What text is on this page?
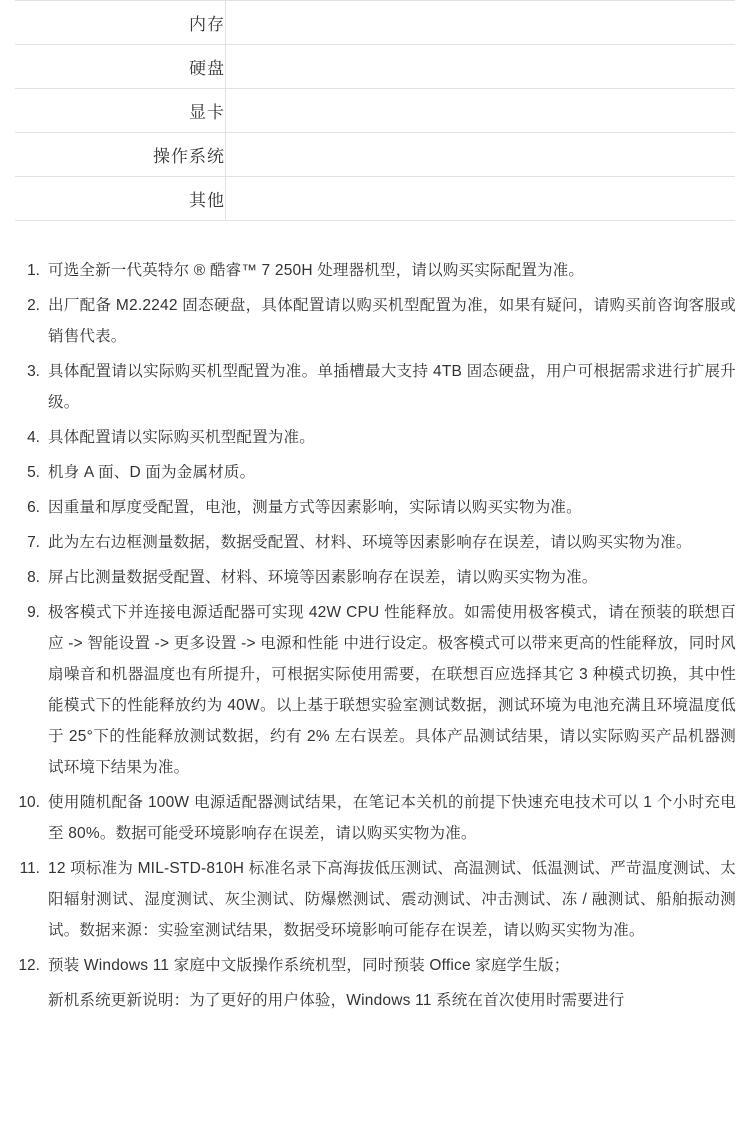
内存		
硬盘		
显卡		
操作系统		
其他		
1. 可选全新一代英特尔 ® 酷睿™ 7 250H 处理器机型，请以购买实际配置为准。
2. 出厂配备 M2.2242 固态硬盘，具体配置请以购买机型配置为准，如果有疑问，请购买前咨询客服或销售代表。
3. 具体配置请以实际购买机型配置为准。单插槽最大支持 4TB 固态硬盘，用户可根据需求进行扩展升级。
4. 具体配置请以实际购买机型配置为准。
5. 机身 A 面、D 面为金属材质。
6. 因重量和厚度受配置，电池，测量方式等因素影响，实际请以购买实物为准。
7. 此为左右边框测量数据，数据受配置、材料、环境等因素影响存在误差，请以购买实物为准。
8. 屏占比测量数据受配置、材料、环境等因素影响存在误差，请以购买实物为准。
9. 极客模式下并连接电源适配器可实现 42W CPU 性能释放。如需使用极客模式，请在预装的联想百应 -> 智能设置 -> 更多设置 -> 电源和性能 中进行设定。极客模式可以带来更高的性能释放，同时风扇噪音和机器温度也有所提升，可根据实际使用需要，在联想百应选择其它 3 种模式切换，其中性能模式下的性能释放约为 40W。以上基于联想实验室测试数据，测试环境为电池充满且环境温度低于 25°下的性能释放测试数据，约有 2% 左右误差。具体产品测试结果，请以实际购买产品机器测试环境下结果为准。
10. 使用随机配备 100W 电源适配器测试结果，在笔记本关机的前提下快速充电技术可以 1 个小时充电至 80%。数据可能受环境影响存在误差，请以购买实物为准。
11. 12 项标准为 MIL-STD-810H 标准名录下高海拔低压测试、高温测试、低温测试、严苛温度测试、太阳辐射测试、湿度测试、灰尘测试、防爆燃测试、震动测试、冲击测试、冻 / 融测试、船舶振动测试。数据来源：实验室测试结果，数据受环境影响可能存在误差，请以购买实物为准。
12. 预装 Windows 11 家庭中文版操作系统机型，同时预装 Office 家庭学生版；
新机系统更新说明：为了更好的用户体验，Windows 11 系统在首次使用时需要进行
